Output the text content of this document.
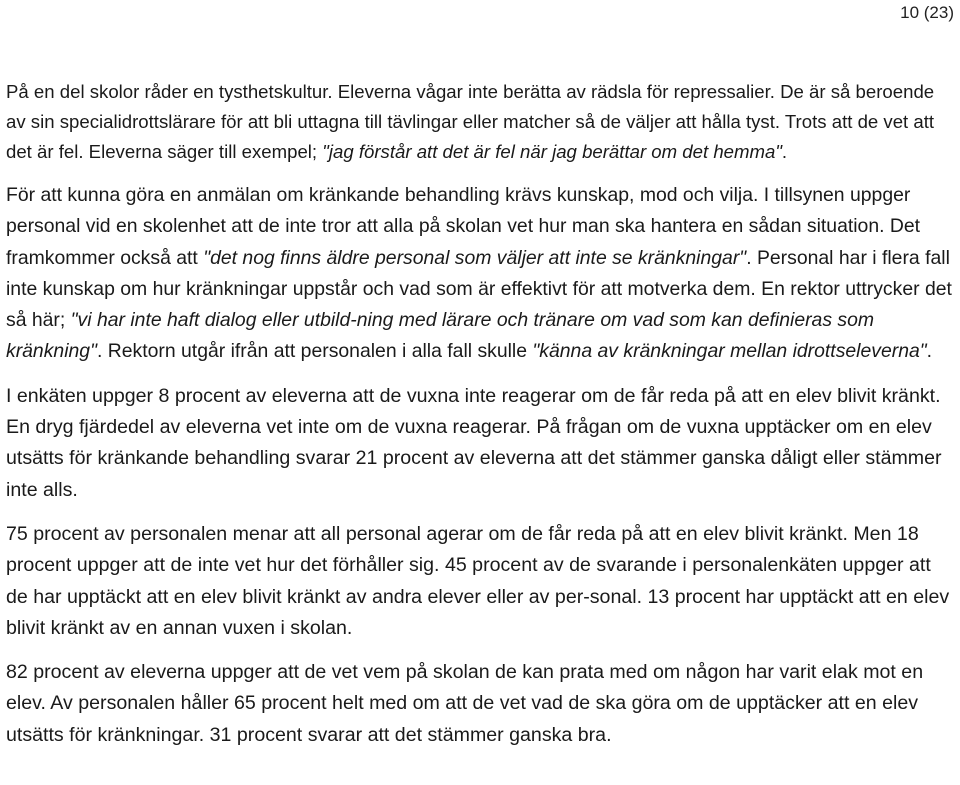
10 (23)

På en del skolor råder en tysthetskultur. Eleverna vågar inte berätta av rädsla för repressalier. De är så beroende av sin specialidrottslärare för att bli uttagna till tävlingar eller matcher så de väljer att hålla tyst. Trots att de vet att det är fel. Eleverna säger till exempel; "jag förstår att det är fel när jag berättar om det hemma".

För att kunna göra en anmälan om kränkande behandling krävs kunskap, mod och vilja. I tillsynen uppger personal vid en skolenhet att de inte tror att alla på skolan vet hur man ska hantera en sådan situation. Det framkommer också att "det nog finns äldre personal som väljer att inte se kränkningar". Personal har i flera fall inte kunskap om hur kränkningar uppstår och vad som är effektivt för att motverka dem. En rektor uttrycker det så här; "vi har inte haft dialog eller utbild-ning med lärare och tränare om vad som kan definieras som kränkning". Rektorn utgår ifrån att personalen i alla fall skulle "känna av kränkningar mellan idrottseleverna".

I enkäten uppger 8 procent av eleverna att de vuxna inte reagerar om de får reda på att en elev blivit kränkt. En dryg fjärdedel av eleverna vet inte om de vuxna reagerar. På frågan om de vuxna upptäcker om en elev utsätts för kränkande behandling svarar 21 procent av eleverna att det stämmer ganska dåligt eller stämmer inte alls.

75 procent av personalen menar att all personal agerar om de får reda på att en elev blivit kränkt. Men 18 procent uppger att de inte vet hur det förhåller sig. 45 procent av de svarande i personalenkäten uppger att de har upptäckt att en elev blivit kränkt av andra elever eller av per-sonal. 13 procent har upptäckt att en elev blivit kränkt av en annan vuxen i skolan.

82 procent av eleverna uppger att de vet vem på skolan de kan prata med om någon har varit elak mot en elev. Av personalen håller 65 procent helt med om att de vet vad de ska göra om de upptäcker att en elev utsätts för kränkningar. 31 procent svarar att det stämmer ganska bra.
